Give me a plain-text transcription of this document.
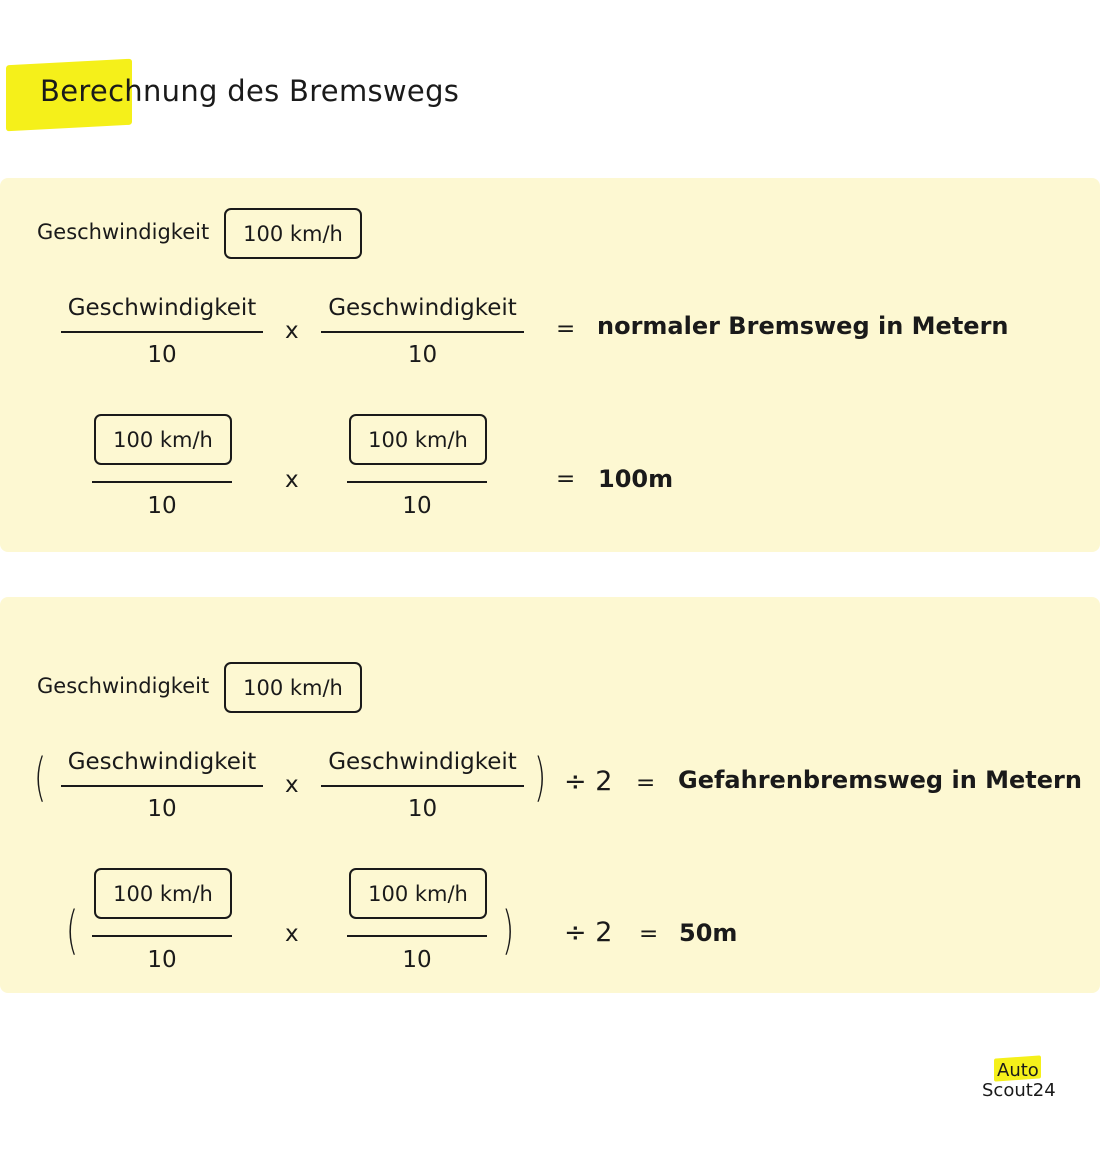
Berechnung des Bremswegs
Geschwindigkeit	100 km/h
Geschwindigkeit
10
x
Geschwindigkeit
10
= normaler Bremsweg in Metern
100 km/h
10
x
100 km/h
10
= 100m
Geschwindigkeit	100 km/h
( Geschwindigkeit
10
x
Geschwindigkeit
10
) ÷ 2 = Gefahrenbremsweg in Metern
(
100 km/h
10
x
100 km/h
10	) ÷ 2 = 50m
Auto
Scout24
